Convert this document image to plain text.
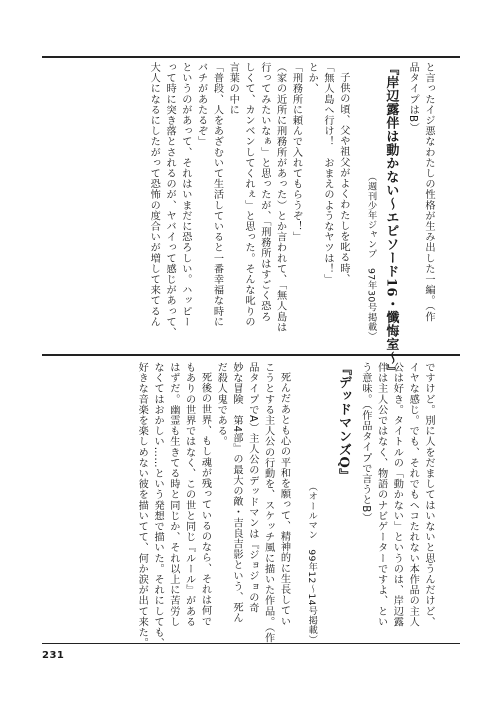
と言ったイジ悪なわたしの性格が生み出した一編。（作

品タイプはB）

『岸辺露伴は動かない～エピソード16・懺悔室～』

（週刊少年ジャンプ　97年30号掲載）

子供の頃、父や祖父がよくわたしを叱る時、

「無人島へ行け！　おまえのようなヤツは！」

とか、

「刑務所に頼んで入れてもらうぞ！」

（家の近所に刑務所があった）とか言われて、「無人島は

行ってみたいなぁ」と思ったが、「刑務所はすごく恐ろ

しくて、カンベンしてくれぇ」と思った。そんな叱りの

言葉の中に

「普段、人をあざむいて生活していると一番幸福な時に

バチがあたるぞ」

というのがあって、それはいまだに恐ろしい。ハッピー

って時に突き落とされるのが、ヤバイって感じがあって、

大人になるにしたがって恐怖の度合いが増して来てるん

ですけど。別に人をだましてはいないと思うんだけど、

イヤな感じ。でも、それでもヘコたれない本作品の主人

公は好き。タイトルの「動かない」というのは、岸辺露

伴は主人公ではなく、物語のナビゲーターですよ、とい

う意味。（作品タイプで言うとB）

『デッドマンズQ』

（オールマン　99年12～14号掲載）

死んだあとも心の平和を願って、精神的に生長してい

こうとする主人公の行動を、スケッチ風に描いた作品。（作

品タイプでA）主人公のデッドマンは『ジョジョの奇

妙な冒険　第4部』の最大の敵・吉良吉影という、死ん

だ殺人鬼である。

死後の世界、もし魂が残っているのなら、それは何で

もありの世界ではなく、この世と同じ『ルール』がある

はずだ。幽霊も生きてる時と同じか、それ以上に苦労し

なくてはおかしい……という発想で描いた。それにしても、

好きな音楽を楽しめない彼を描いてて、何か涙が出て来た。

231
